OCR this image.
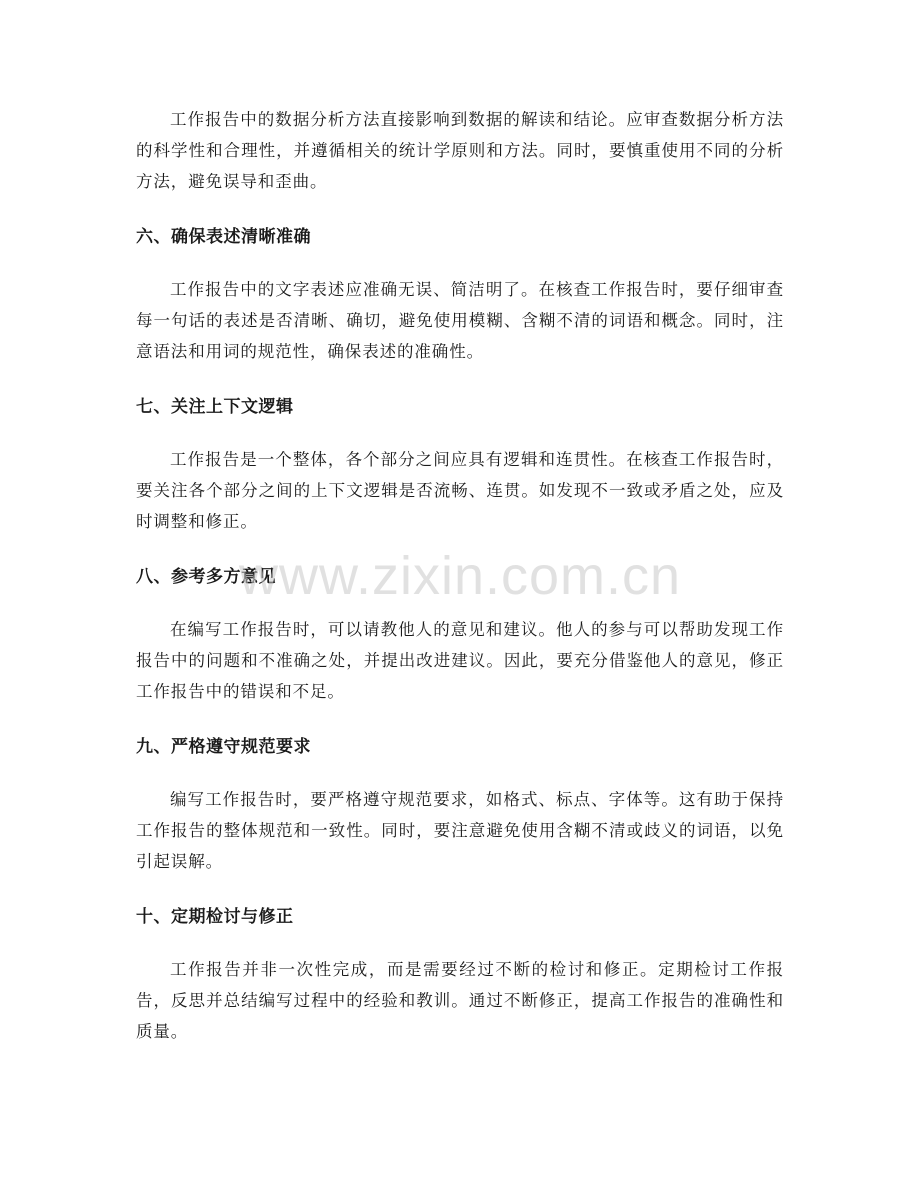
工作报告中的数据分析方法直接影响到数据的解读和结论。应审查数据分析方法的科学性和合理性，并遵循相关的统计学原则和方法。同时，要慎重使用不同的分析方法，避免误导和歪曲。

六、确保表述清晰准确

工作报告中的文字表述应准确无误、简洁明了。在核查工作报告时，要仔细审查每一句话的表述是否清晰、确切，避免使用模糊、含糊不清的词语和概念。同时，注意语法和用词的规范性，确保表述的准确性。

七、关注上下文逻辑

工作报告是一个整体，各个部分之间应具有逻辑和连贯性。在核查工作报告时，要关注各个部分之间的上下文逻辑是否流畅、连贯。如发现不一致或矛盾之处，应及时调整和修正。

八、参考多方意见

在编写工作报告时，可以请教他人的意见和建议。他人的参与可以帮助发现工作报告中的问题和不准确之处，并提出改进建议。因此，要充分借鉴他人的意见，修正工作报告中的错误和不足。

九、严格遵守规范要求

编写工作报告时，要严格遵守规范要求，如格式、标点、字体等。这有助于保持工作报告的整体规范和一致性。同时，要注意避免使用含糊不清或歧义的词语，以免引起误解。

十、定期检讨与修正

工作报告并非一次性完成，而是需要经过不断的检讨和修正。定期检讨工作报告，反思并总结编写过程中的经验和教训。通过不断修正，提高工作报告的准确性和质量。

www.zixin.com.cn
